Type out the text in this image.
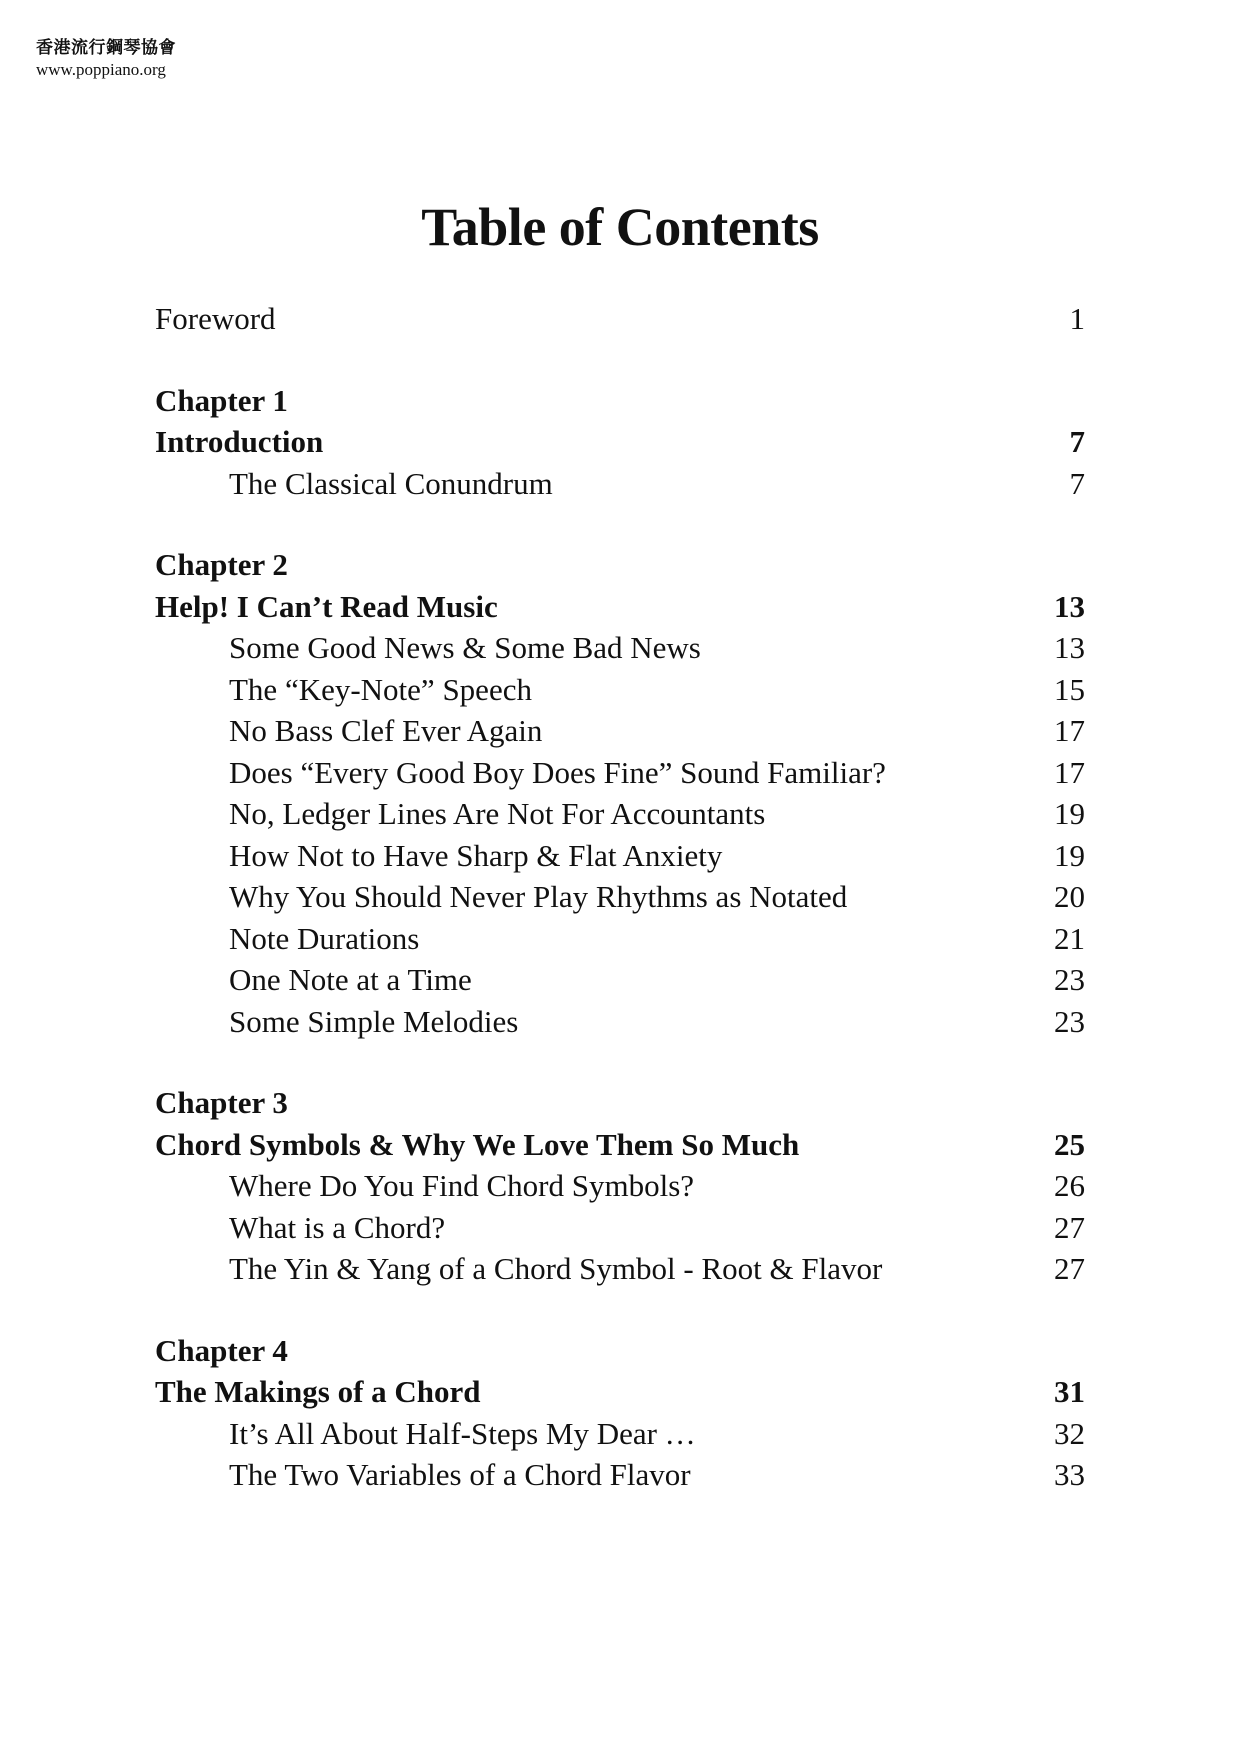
香港流行鋼琴協會
www.poppiano.org
Table of Contents
Foreword	1
Chapter 1
Introduction	7
The Classical Conundrum	7
Chapter 2
Help! I Can’t Read Music	13
Some Good News & Some Bad News	13
The “Key-Note” Speech	15
No Bass Clef Ever Again	17
Does “Every Good Boy Does Fine” Sound Familiar?	17
No, Ledger Lines Are Not For Accountants	19
How Not to Have Sharp & Flat Anxiety	19
Why You Should Never Play Rhythms as Notated	20
Note Durations	21
One Note at a Time	23
Some Simple Melodies	23
Chapter 3
Chord Symbols & Why We Love Them So Much	25
Where Do You Find Chord Symbols?	26
What is a Chord?	27
The Yin & Yang of a Chord Symbol - Root & Flavor	27
Chapter 4
The Makings of a Chord	31
It’s All About Half-Steps My Dear …	32
The Two Variables of a Chord Flavor	33
